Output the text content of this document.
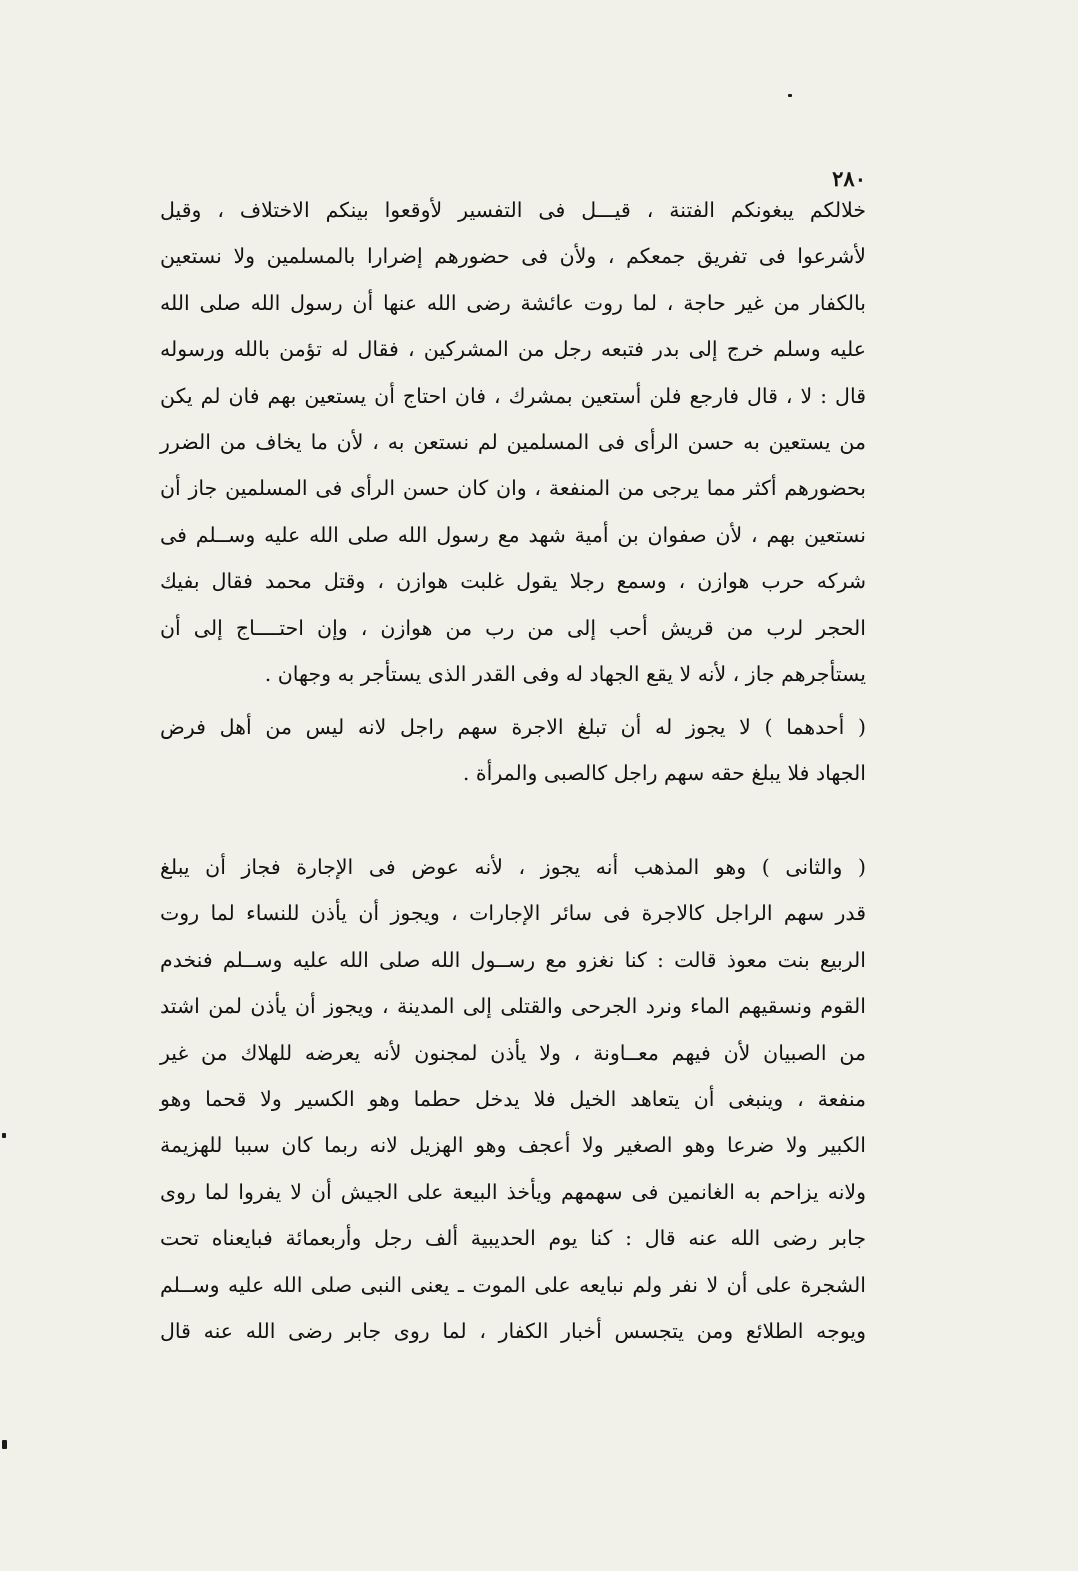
٢٨٠
خلالكم يبغونكم الفتنة ، قيـــل فى التفسير لأوقعوا بينكم الاختلاف ، وقيل
لأشرعوا فى تفريق جمعكم ، ولأن فى حضورهم إضرارا بالمسلمين ولا نستعين
بالكفار من غير حاجة ، لما روت عائشة رضى الله عنها أن رسول الله صلى الله
عليه وسلم خرج إلى بدر فتبعه رجل من المشركين ، فقال له تؤمن بالله ورسوله
قال : لا ، قال فارجع فلن أستعين بمشرك ، فان احتاج أن يستعين بهم فان لم يكن
من يستعين به حسن الرأى فى المسلمين لم نستعن به ، لأن ما يخاف من الضرر
بحضورهم أكثر مما يرجى من المنفعة ، وان كان حسن الرأى فى المسلمين جاز أن
نستعين بهم ، لأن صفوان بن أمية شهد مع رسول الله صلى الله عليه وســلم فى
شركه حرب هوازن ، وسمع رجلا يقول غلبت هوازن ، وقتل محمد فقال بفيك
الحجر لرب من قريش أحب إلى من رب من هوازن ، وإن احتــــاج إلى أن
يستأجرهم جاز ، لأنه لا يقع الجهاد له وفى القدر الذى يستأجر به وجهان .
( أحدهما ) لا يجوز له أن تبلغ الاجرة سهم راجل لانه ليس من أهل فرض
الجهاد فلا يبلغ حقه سهم راجل كالصبى والمرأة .
( والثانى ) وهو المذهب أنه يجوز ، لأنه عوض فى الإجارة فجاز أن يبلغ
قدر سهم الراجل كالاجرة فى سائر الإجارات ، ويجوز أن يأذن للنساء لما روت
الربيع بنت معوذ قالت : كنا نغزو مع رســول الله صلى الله عليه وســلم فنخدم
القوم ونسقيهم الماء ونرد الجرحى والقتلى إلى المدينة ، ويجوز أن يأذن لمن اشتد
من الصبيان لأن فيهم معــاونة ، ولا يأذن لمجنون لأنه يعرضه للهلاك من غير
منفعة ، وينبغى أن يتعاهد الخيل فلا يدخل حطما وهو الكسير ولا قحما وهو
الكبير ولا ضرعا وهو الصغير ولا أعجف وهو الهزيل لانه ربما كان سببا للهزيمة
ولانه يزاحم به الغانمين فى سهمهم ويأخذ البيعة على الجيش أن لا يفروا لما روى
جابر رضى الله عنه قال : كنا يوم الحديبية ألف رجل وأربعمائة فبايعناه تحت
الشجرة على أن لا نفر ولم نبايعه على الموت ـ يعنى النبى صلى الله عليه وســلم
ويوجه الطلائع ومن يتجسس أخبار الكفار ، لما روى جابر رضى الله عنه قال
